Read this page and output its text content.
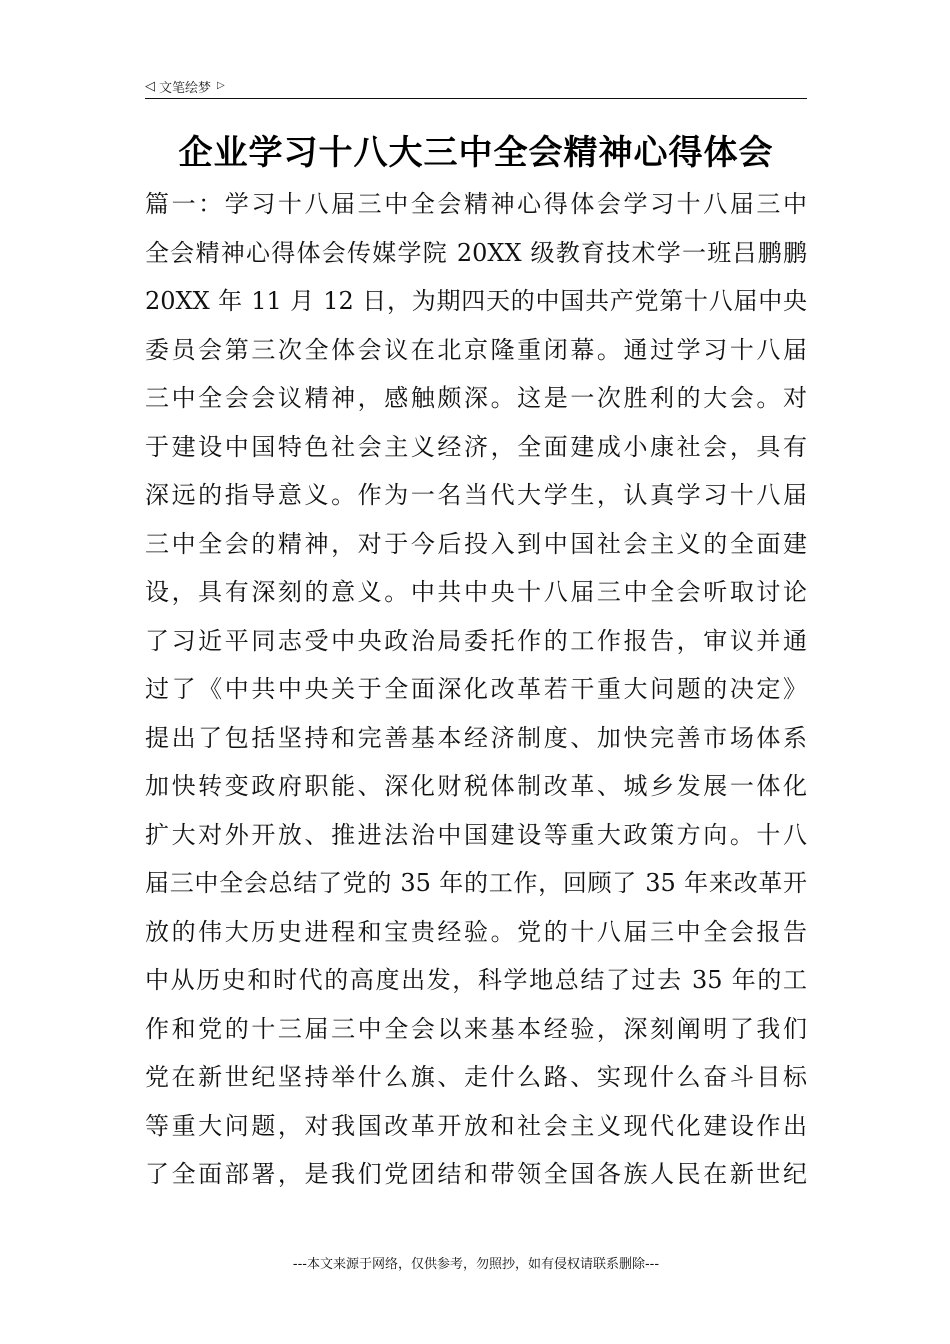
◁ 文笔绘梦 ▷
企业学习十八大三中全会精神心得体会
篇一：学习十八届三中全会精神心得体会学习十八届三中
全会精神心得体会传媒学院 20XX 级教育技术学一班吕鹏鹏
20XX 年 11 月 12 日，为期四天的中国共产党第十八届中央
委员会第三次全体会议在北京隆重闭幕。通过学习十八届
三中全会会议精神，感触颇深。这是一次胜利的大会。对
于建设中国特色社会主义经济，全面建成小康社会，具有
深远的指导意义。作为一名当代大学生，认真学习十八届
三中全会的精神，对于今后投入到中国社会主义的全面建
设，具有深刻的意义。中共中央十八届三中全会听取讨论
了习近平同志受中央政治局委托作的工作报告，审议并通
过了《中共中央关于全面深化改革若干重大问题的决定》
提出了包括坚持和完善基本经济制度、加快完善市场体系
加快转变政府职能、深化财税体制改革、城乡发展一体化
扩大对外开放、推进法治中国建设等重大政策方向。十八
届三中全会总结了党的 35 年的工作，回顾了 35 年来改革开
放的伟大历史进程和宝贵经验。党的十八届三中全会报告
中从历史和时代的高度出发，科学地总结了过去 35 年的工
作和党的十三届三中全会以来基本经验，深刻阐明了我们
党在新世纪坚持举什么旗、走什么路、实现什么奋斗目标
等重大问题，对我国改革开放和社会主义现代化建设作出
了全面部署，是我们党团结和带领全国各族人民在新世纪
---本文来源于网络，仅供参考，勿照抄，如有侵权请联系删除---
